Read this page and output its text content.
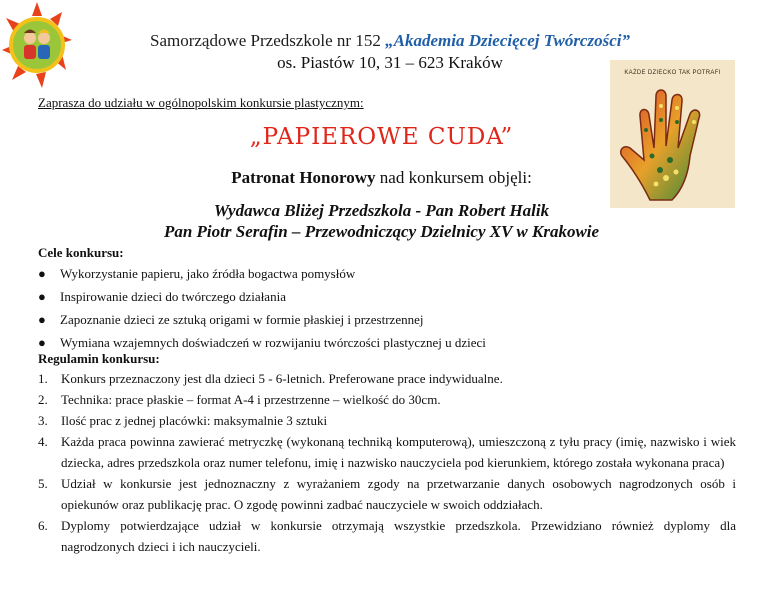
Samorządowe Przedszkole nr 152 „Akademia Dziecięcej Twórczości”
os. Piastów 10, 31 – 623 Kraków
KAŻDE DZIECKO TAK POTRAFI
Zaprasza do udziału w ogólnopolskim konkursie plastycznym:
„PAPIEROWE CUDA”
Patronat Honorowy nad konkursem objęli:
Wydawca Bliżej Przedszkola - Pan Robert Halik
Pan Piotr Serafin – Przewodniczący Dzielnicy XV w Krakowie
Cele konkursu:
● Wykorzystanie papieru, jako źródła bogactwa pomysłów
● Inspirowanie dzieci do twórczego działania
● Zapoznanie dzieci ze sztuką origami w formie płaskiej i przestrzennej
● Wymiana wzajemnych doświadczeń w rozwijaniu twórczości plastycznej u dzieci
Regulamin konkursu:
1. Konkurs przeznaczony jest dla dzieci 5 - 6-letnich. Preferowane prace indywidualne.
2. Technika: prace płaskie – format A-4 i przestrzenne – wielkość do 30cm.
3. Ilość prac z jednej placówki: maksymalnie 3 sztuki
4. Każda praca powinna zawierać metryczkę (wykonaną techniką komputerową), umieszczoną z tyłu pracy (imię, nazwisko i wiek dziecka, adres przedszkola oraz numer telefonu, imię i nazwisko nauczyciela pod kierunkiem, którego została wykonana praca)
5. Udział w konkursie jest jednoznaczny z wyrażaniem zgody na przetwarzanie danych osobowych nagrodzonych osób i opiekunów oraz publikację prac. O zgodę powinni zadbać nauczyciele w swoich oddziałach.
6. Dyplomy potwierdzające udział w konkursie otrzymają wszystkie przedszkola. Przewidziano również dyplomy dla nagrodzonych dzieci i ich nauczycieli.
